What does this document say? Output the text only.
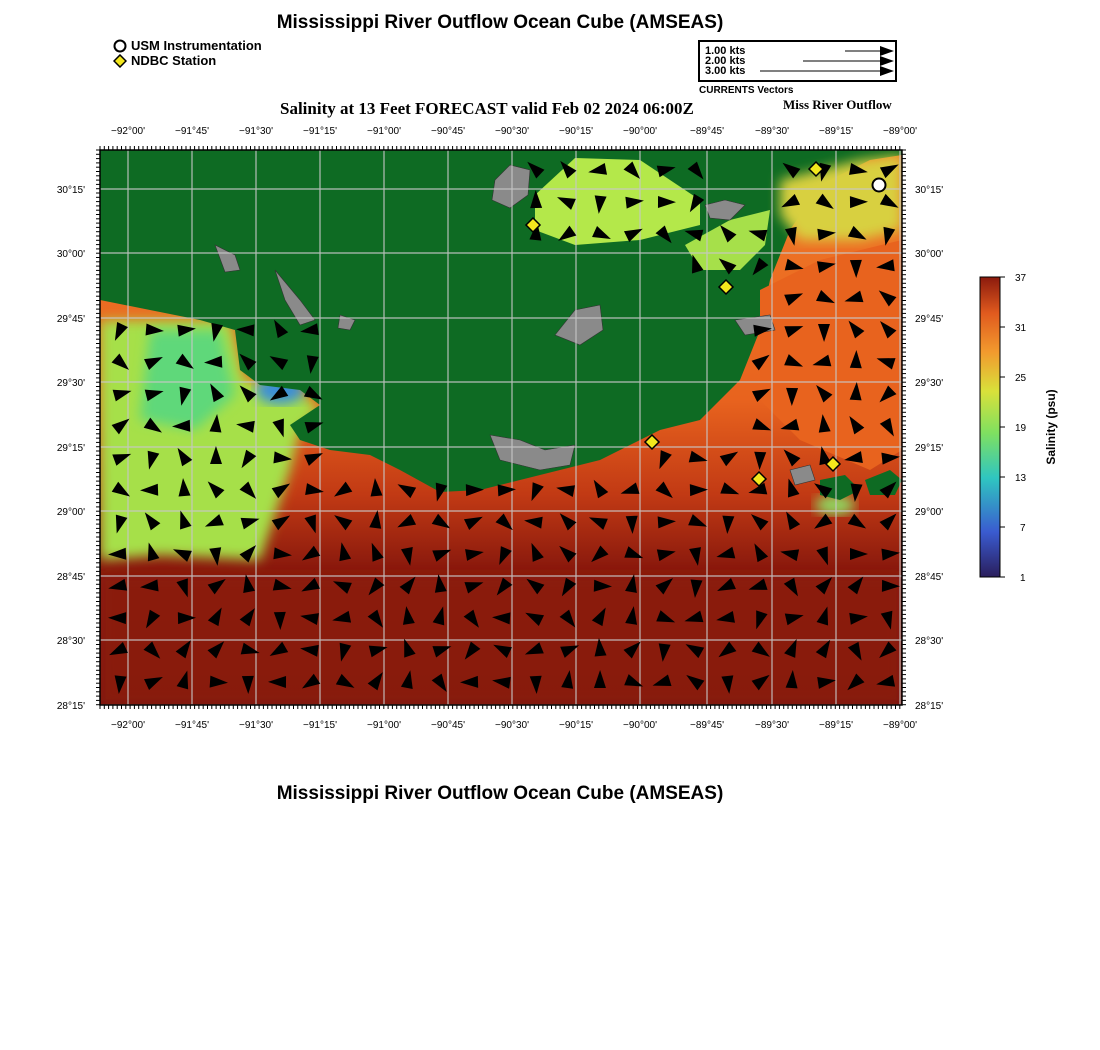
Mississippi River Outflow Ocean Cube (AMSEAS)
USM Instrumentation
NDBC Station
1.00 kts
2.00 kts
3.00 kts
CURRENTS Vectors
Salinity at 13 Feet FORECAST valid Feb 02 2024 06:00Z	Miss River Outflow
−92°00'	−91°45'	−91°30'	−91°15'	−91°00'	−90°45'	−90°30'	−90°15'	−90°00'	−89°45'	−89°30'	−89°15'	−89°00'
−92°00'	−91°45'	−91°30'	−91°15'	−91°00'	−90°45'	−90°30'	−90°15'	−90°00'	−89°45'	−89°30'	−89°15'	−89°00'
30°15'
30°00'
29°45'
29°30'
29°15'
29°00'
28°45'
28°30'
28°15'
30°15'
30°00'
29°45'
29°30'
29°15'
29°00'
28°45'
28°30'
28°15'
37
31
25
19
13
7
1
Salinity (psu)
Mississippi River Outflow Ocean Cube (AMSEAS)
